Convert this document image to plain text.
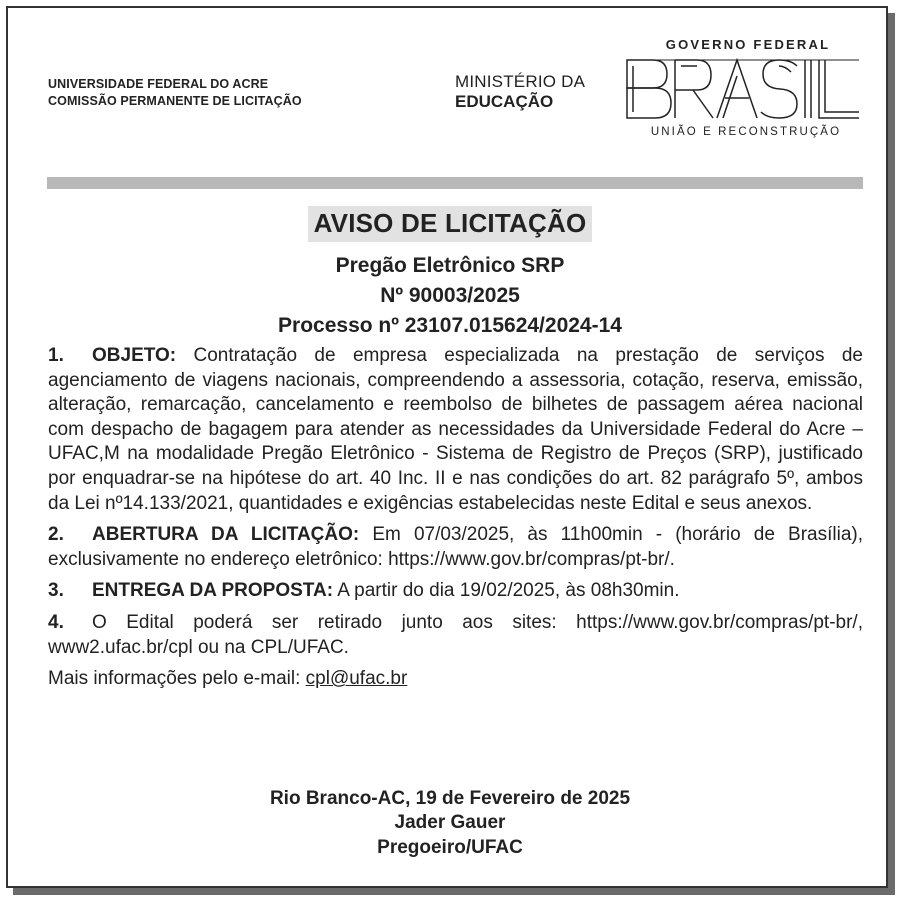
UNIVERSIDADE FEDERAL DO ACRE
COMISSÃO PERMANENTE DE LICITAÇÃO
MINISTÉRIO DA
EDUCAÇÃO
GOVERNO FEDERAL
UNIÃO E RECONSTRUÇÃO
AVISO DE LICITAÇÃO
Pregão Eletrônico SRP
Nº 90003/2025
Processo nº 23107.015624/2024-14

1. OBJETO: Contratação de empresa especializada na prestação de serviços de agenciamento de viagens nacionais, compreendendo a assessoria, cotação, reserva, emissão, alteração, remarcação, cancelamento e reembolso de bilhetes de passagem aérea nacional com despacho de bagagem para atender as necessidades da Universidade Federal do Acre – UFAC,M na modalidade Pregão Eletrônico - Sistema de Registro de Preços (SRP), justificado por enquadrar-se na hipótese do art. 40 Inc. II e nas condições do art. 82 parágrafo 5º, ambos da Lei nº14.133/2021, quantidades e exigências estabelecidas neste Edital e seus anexos.

2. ABERTURA DA LICITAÇÃO: Em 07/03/2025, às 11h00min - (horário de Brasília), exclusivamente no endereço eletrônico: https://www.gov.br/compras/pt-br/.

3. ENTREGA DA PROPOSTA: A partir do dia 19/02/2025, às 08h30min.

4. O Edital poderá ser retirado junto aos sites: https://www.gov.br/compras/pt-br/, www2.ufac.br/cpl ou na CPL/UFAC.

Mais informações pelo e-mail: cpl@ufac.br

Rio Branco-AC, 19 de Fevereiro de 2025
Jader Gauer
Pregoeiro/UFAC
